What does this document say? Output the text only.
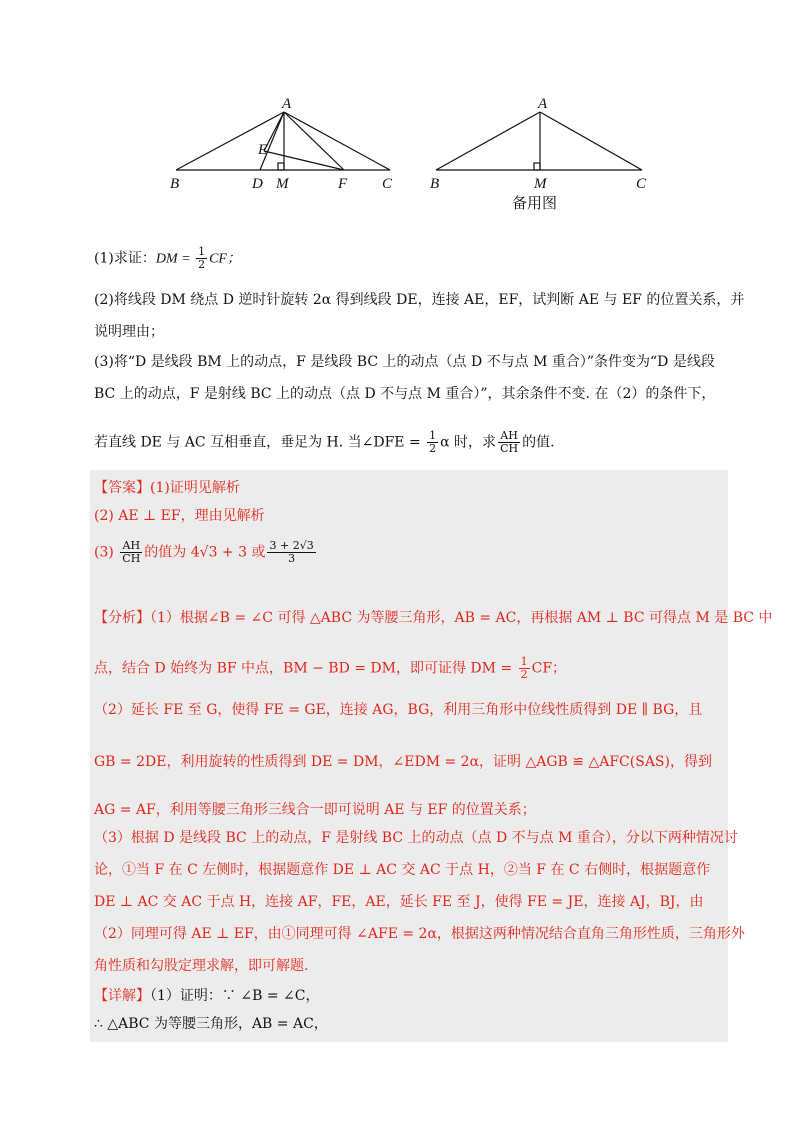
A
E
B	D M	F C
A
B	M	C
备用图
(1)求证：DM = $\frac{1}{2}$ CF；
(2)将线段 DM 绕点 D 逆时针旋转 2α 得到线段 DE，连接 AE，EF，试判断 AE 与 EF 的位置关系，并
说明理由；
(3)将“D 是线段 BM 上的动点，F 是线段 BC 上的动点（点 D 不与点 M 重合）”条件变为“D 是线段
BC 上的动点，F 是射线 BC 上的动点（点 D 不与点 M 重合）”，其余条件不变. 在（2）的条件下，
若直线 DE 与 AC 互相垂直，垂足为 H. 当∠DFE = $\frac{1}{2}$ α 时，求 $\frac{AH}{CH}$ 的值.
【答案】(1)证明见解析
(2) AE ⊥ EF，理由见解析
$(3) \frac{AH}{CH}$ 的值为 4√3 + 3 或 $\frac{3 + 2√3}{3}$
【分析】（1）根据∠B = ∠C 可得 △ABC 为等腰三角形，AB = AC，再根据 AM ⊥ BC 可得点 M 是 BC 中
点，结合 D 始终为 BF 中点，BM − BD = DM，即可证得 DM = $\frac{1}{2}$ CF；
（2）延长 FE 至 G，使得 FE = GE，连接 AG，BG，利用三角形中位线性质得到 DE ∥ BG，且
GB = 2DE，利用旋转的性质得到 DE = DM，∠EDM = 2α，证明 △AGB ≌ △AFC(SAS)，得到
AG = AF，利用等腰三角形三线合一即可说明 AE 与 EF 的位置关系；
（3）根据 D 是线段 BC 上的动点，F 是射线 BC 上的动点（点 D 不与点 M 重合），分以下两种情况讨
论，①当 F 在 C 左侧时，根据题意作 DE ⊥ AC 交 AC 于点 H，②当 F 在 C 右侧时，根据题意作
DE ⊥ AC 交 AC 于点 H，连接 AF，FE，AE，延长 FE 至 J，使得 FE = JE，连接 AJ，BJ，由
（2）同理可得 AE ⊥ EF，由①同理可得 ∠AFE = 2α，根据这两种情况结合直角三角形性质，三角形外
角性质和勾股定理求解，即可解题.
【详解】（1）证明：∵ ∠B = ∠C，
∴ △ABC 为等腰三角形，AB = AC，
